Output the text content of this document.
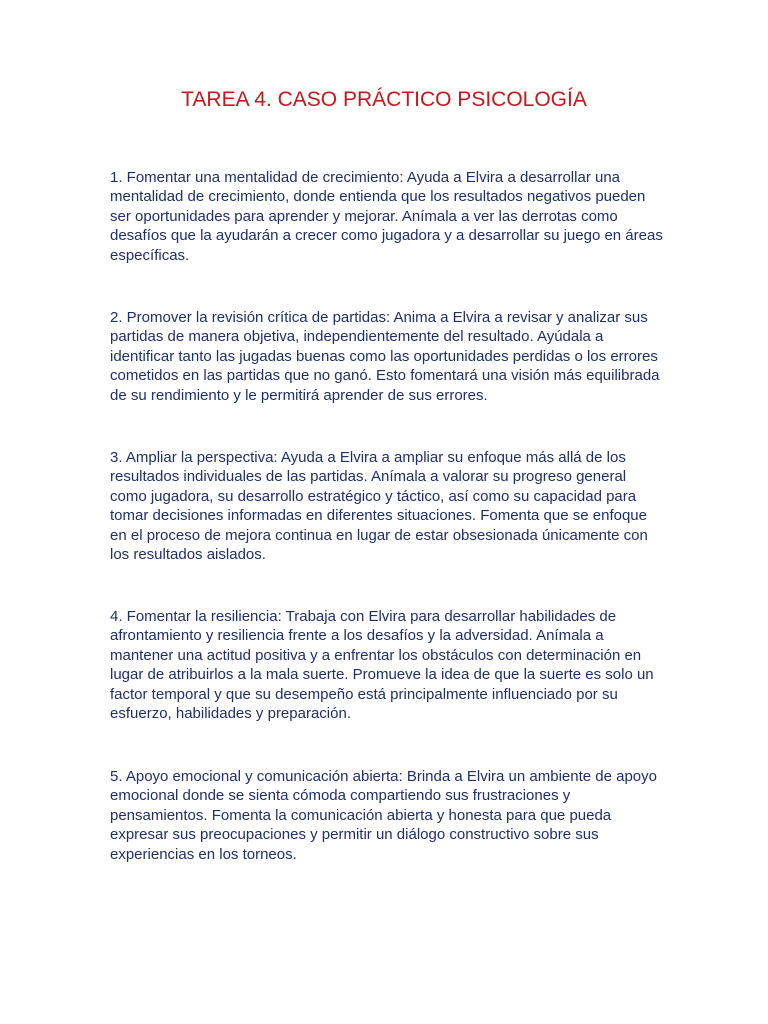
TAREA 4. CASO PRÁCTICO PSICOLOGÍA

1. Fomentar una mentalidad de crecimiento: Ayuda a Elvira a desarrollar una mentalidad de crecimiento, donde entienda que los resultados negativos pueden ser oportunidades para aprender y mejorar. Anímala a ver las derrotas como desafíos que la ayudarán a crecer como jugadora y a desarrollar su juego en áreas específicas.

2. Promover la revisión crítica de partidas: Anima a Elvira a revisar y analizar sus partidas de manera objetiva, independientemente del resultado. Ayúdala a identificar tanto las jugadas buenas como las oportunidades perdidas o los errores cometidos en las partidas que no ganó. Esto fomentará una visión más equilibrada de su rendimiento y le permitirá aprender de sus errores.

3. Ampliar la perspectiva: Ayuda a Elvira a ampliar su enfoque más allá de los resultados individuales de las partidas. Anímala a valorar su progreso general como jugadora, su desarrollo estratégico y táctico, así como su capacidad para tomar decisiones informadas en diferentes situaciones. Fomenta que se enfoque en el proceso de mejora continua en lugar de estar obsesionada únicamente con los resultados aislados.

4. Fomentar la resiliencia: Trabaja con Elvira para desarrollar habilidades de afrontamiento y resiliencia frente a los desafíos y la adversidad. Anímala a mantener una actitud positiva y a enfrentar los obstáculos con determinación en lugar de atribuirlos a la mala suerte. Promueve la idea de que la suerte es solo un factor temporal y que su desempeño está principalmente influenciado por su esfuerzo, habilidades y preparación.

5. Apoyo emocional y comunicación abierta: Brinda a Elvira un ambiente de apoyo emocional donde se sienta cómoda compartiendo sus frustraciones y pensamientos. Fomenta la comunicación abierta y honesta para que pueda expresar sus preocupaciones y permitir un diálogo constructivo sobre sus experiencias en los torneos.
